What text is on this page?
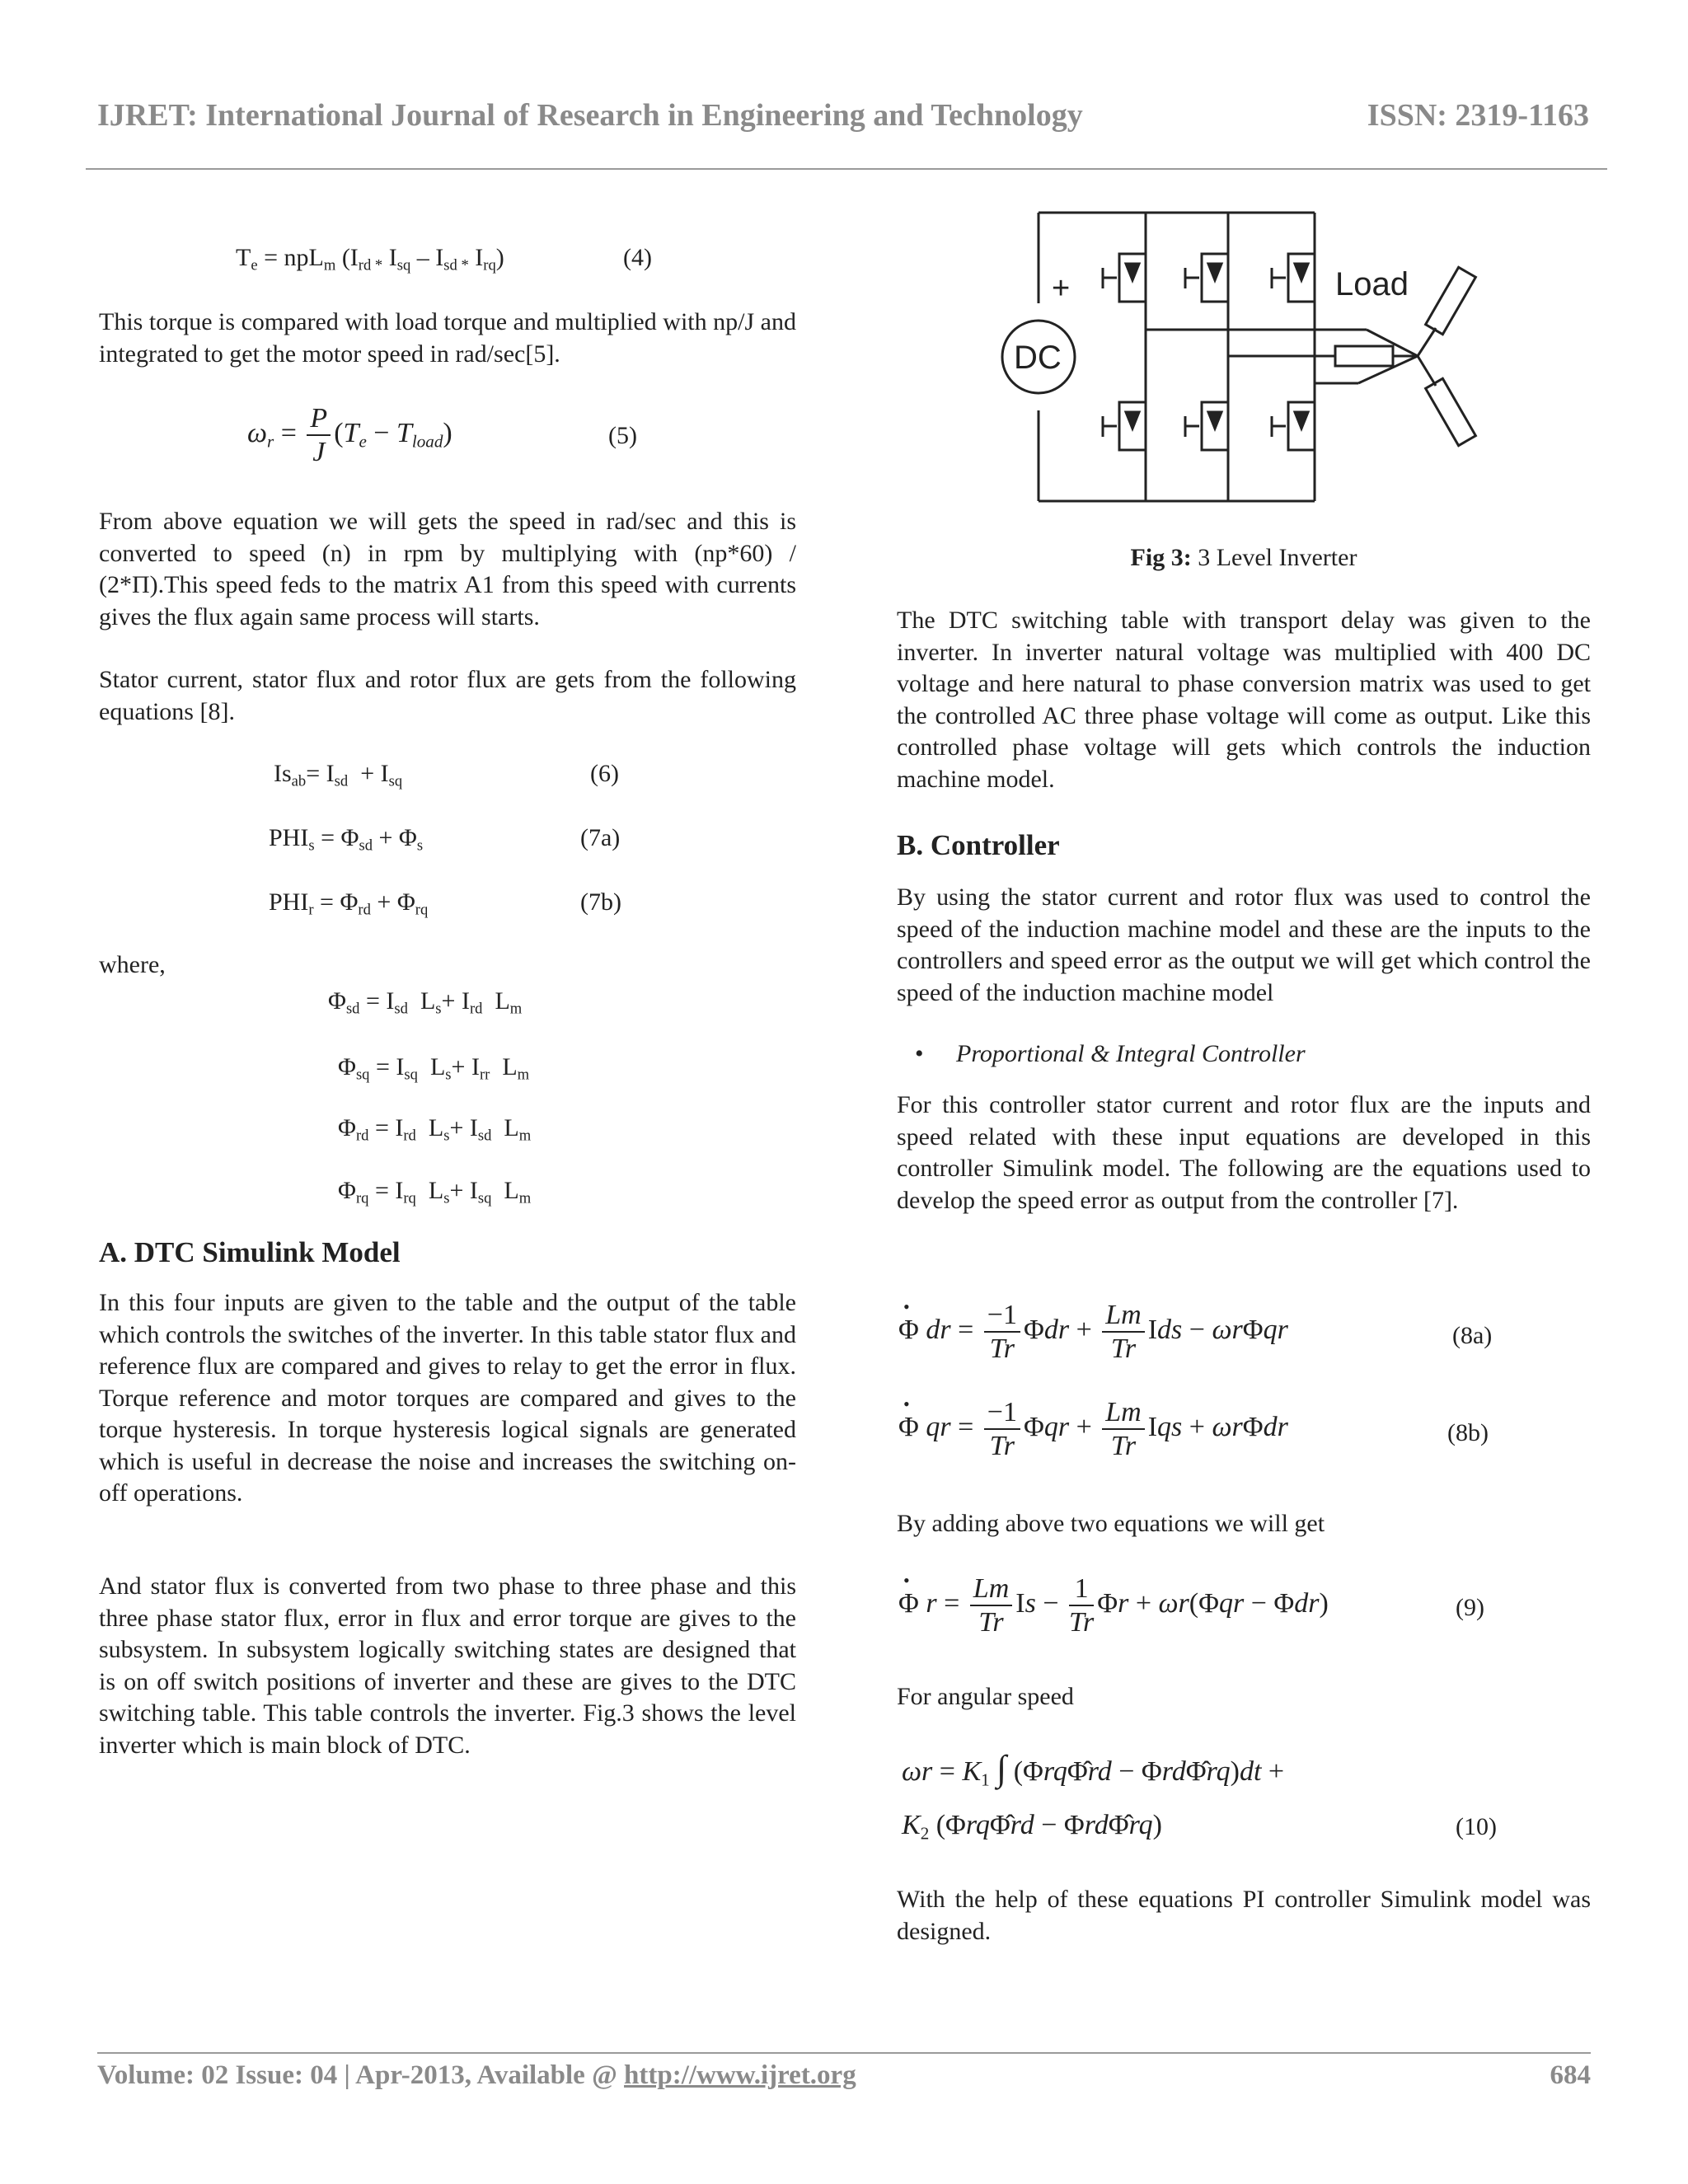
IJRET: International Journal of Research in Engineering and Technology	ISSN: 2319-1163
$T_e = npL_m$ ($I_{rd *}$ $I_{sq} - I_{sd *}$ $I_{rq}$)	(4)

This torque is compared with load torque and multiplied with np/J and integrated to get the motor speed in rad/sec[5].

$\omega_r = \frac{P}{J} (T_e - T_{load})$	(5)

From above equation we will gets the speed in rad/sec and this is converted to speed (n) in rpm by multiplying with (np*60) / (2*Π).This speed feds to the matrix A1 from this speed with currents gives the flux again same process will starts.

Stator current, stator flux and rotor flux are gets from the following equations [8].

$Is_{ab}= I_{sd} + I_{sq}$	(6)
$PHI_s = \Phi_{sd} + \Phi_s$	(7a)
$PHI_r = \Phi_{rd} + \Phi_{rq}$	(7b)
where,
$\Phi_{sd} = I_{sd}$  $L_s+ I_{rd}$  $L_m$
$\Phi_{sq} = I_{sq}$  $L_s+ I_{rr}$  $L_m$
$\Phi_{rd} = I_{rd}$  $L_s+ I_{sd}$  $L_m$
$\Phi_{rq} = I_{rq}$  $L_s+ I_{sq}$  $L_m$
A. DTC Simulink Model

In this four inputs are given to the table and the output of the table which controls the switches of the inverter. In this table stator flux and reference flux are compared and gives to relay to get the error in flux. Torque reference and motor torques are compared and gives to the torque hysteresis. In torque hysteresis logical signals are generated which is useful in decrease the noise and increases the switching on-off operations.

And stator flux is converted from two phase to three phase and this three phase stator flux, error in flux and error torque are gives to the subsystem. In subsystem logically switching states are designed that is on off switch positions of inverter and these are gives to the DTC switching table. This table controls the inverter. Fig.3 shows the level inverter which is main block of DTC.

DC
+	Load
Fig 3: 3 Level Inverter

The DTC switching table with transport delay was given to the inverter. In inverter natural voltage was multiplied with 400 DC voltage and here natural to phase conversion matrix was used to get the controlled AC three phase voltage will come as output. Like this controlled phase voltage will gets which controls the induction machine model.

B. Controller

By using the stator current and rotor flux was used to control the speed of the induction machine model and these are the inputs to the controllers and speed error as the output we will get which control the speed of the induction machine model

• Proportional & Integral Controller

For this controller stator current and rotor flux are the inputs and speed related with these input equations are developed in this controller Simulink model. The following are the equations used to develop the speed error as output from the controller [7].

• Φ dr = $\frac{-1}{Tr}$ $\Phi dr + \frac{Lm}{Tr}$ Ids − ωrΦqr	(8a)
• Φ qr = $\frac{-1}{Tr}$ $\Phi qr + \frac{Lm}{Tr}$ Iqs + ωrΦdr	(8b)

By adding above two equations we will get

• Φ $r = \frac{Lm}{Tr}$ $Is - \frac{1}{Tr}$ Φr + ωr(Φqr − Φdr)	(9)

For angular speed

$\omega r = K_1$ ∫ (ΦrqΦ̂rd − ΦrdΦ̂rq)dt +
$K_2$ (ΦrqΦ̂rd − ΦrdΦ̂rq)	(10)

With the help of these equations PI controller Simulink model was designed.

Volume: 02 Issue: 04 | Apr-2013, Available @ http://www.ijret.org	684
